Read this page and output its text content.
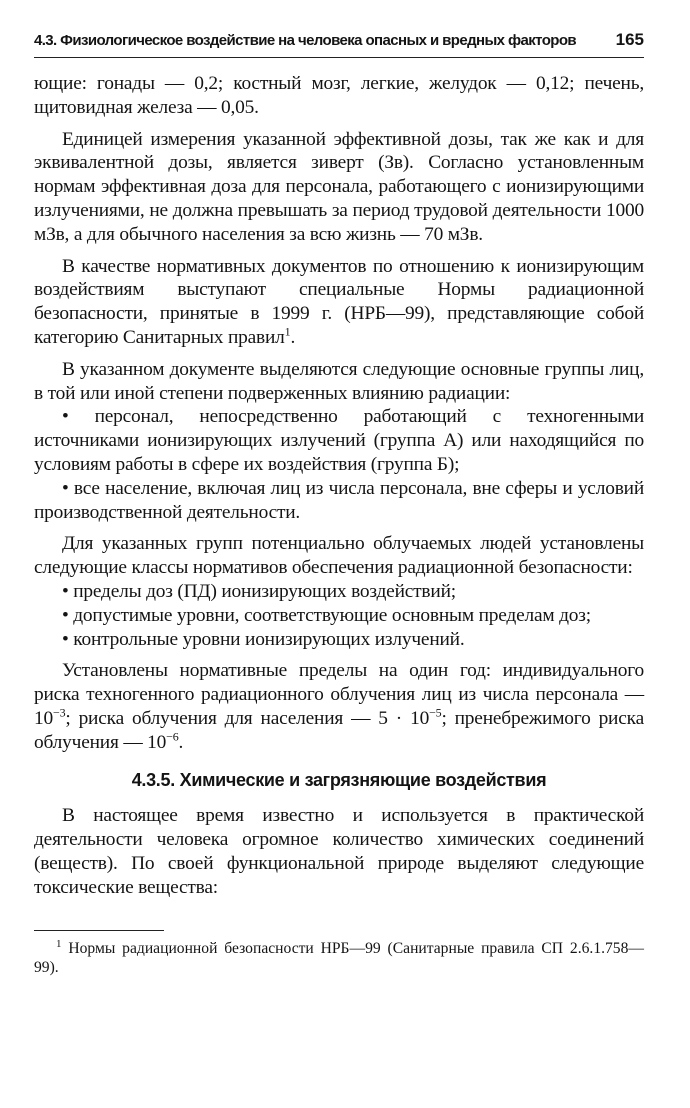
4.3. Физиологическое воздействие на человека опасных и вредных факторов 165

ющие: гонады — 0,2; костный мозг, легкие, желудок — 0,12; печень, щитовидная железа — 0,05.

Единицей измерения указанной эффективной дозы, так же как и для эквивалентной дозы, является зиверт (Зв). Согласно установленным нормам эффективная доза для персонала, работающего с ионизирующими излучениями, не должна превышать за период трудовой деятельности 1000 мЗв, а для обычного населения за всю жизнь — 70 мЗв.

В качестве нормативных документов по отношению к ионизирующим воздействиям выступают специальные Нормы радиационной безопасности, принятые в 1999 г. (НРБ—99), представляющие собой категорию Санитарных правил$^1$.

В указанном документе выделяются следующие основные группы лиц, в той или иной степени подверженных влиянию радиации:

• персонал, непосредственно работающий с техногенными источниками ионизирующих излучений (группа А) или находящийся по условиям работы в сфере их воздействия (группа Б);

• все население, включая лиц из числа персонала, вне сферы и условий производственной деятельности.

Для указанных групп потенциально облучаемых людей установлены следующие классы нормативов обеспечения радиационной безопасности:

• пределы доз (ПД) ионизирующих воздействий;

• допустимые уровни, соответствующие основным пределам доз;

• контрольные уровни ионизирующих излучений.

Установлены нормативные пределы на один год: индивидуального риска техногенного радиационного облучения лиц из числа персонала — $10^{-3}$; риска облучения для населения — $5 \cdot 10^{-5}$; пренебрежимого риска облучения — $10^{-6}$.

4.3.5. Химические и загрязняющие воздействия

В настоящее время известно и используется в практической деятельности человека огромное количество химических соединений (веществ). По своей функциональной природе выделяют следующие токсические вещества:

$^1$ Нормы радиационной безопасности НРБ—99 (Санитарные правила СП 2.6.1.758—99).
